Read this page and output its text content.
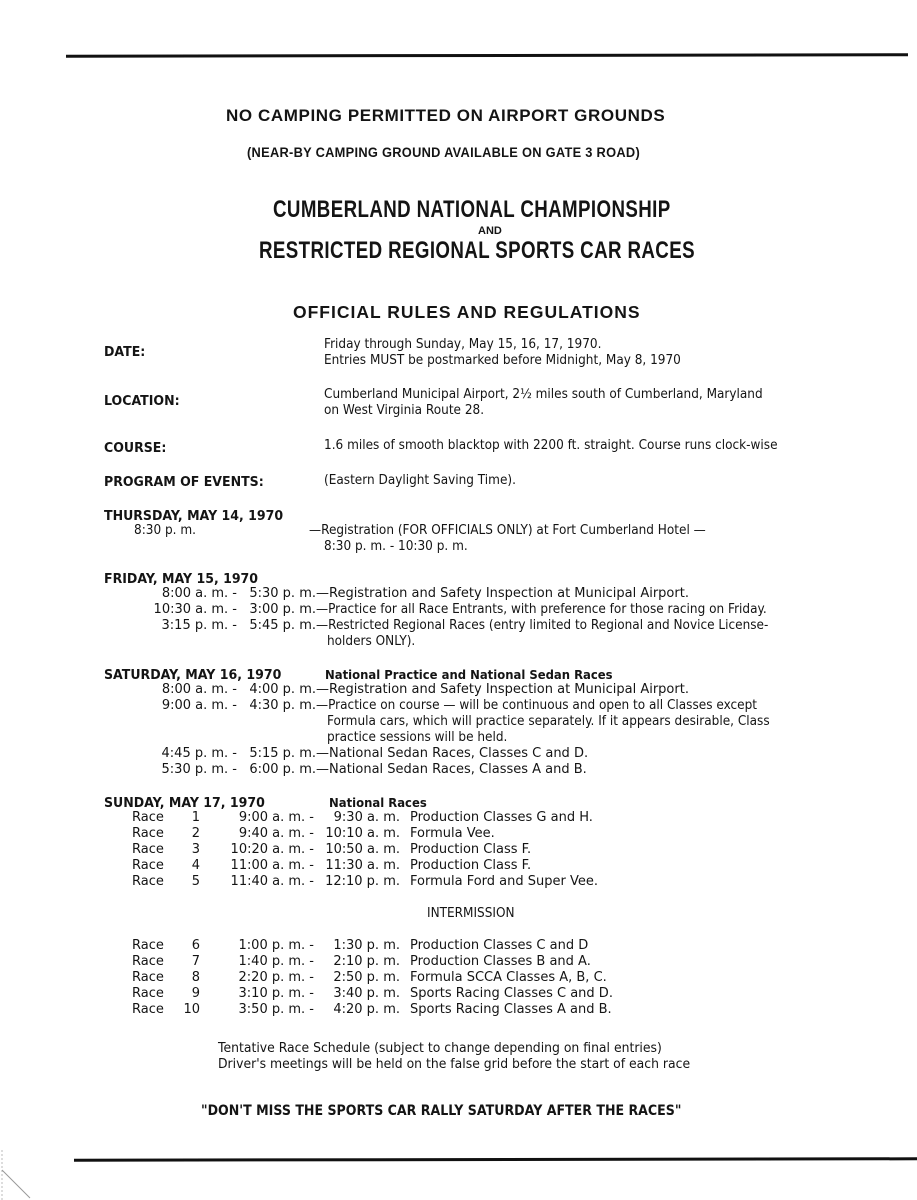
NO CAMPING PERMITTED ON AIRPORT GROUNDS
(NEAR-BY CAMPING GROUND AVAILABLE ON GATE 3 ROAD)
CUMBERLAND NATIONAL CHAMPIONSHIP
AND
RESTRICTED REGIONAL SPORTS CAR RACES
OFFICIAL RULES AND REGULATIONS
DATE:	Friday through Sunday, May 15, 16, 17, 1970.
Entries MUST be postmarked before Midnight, May 8, 1970
LOCATION:	Cumberland Municipal Airport, 2½ miles south of Cumberland, Maryland
on West Virginia Route 28.
COURSE:	1.6 miles of smooth blacktop with 2200 ft. straight. Course runs clock-wise
PROGRAM OF EVENTS:	(Eastern Daylight Saving Time).
THURSDAY, MAY 14, 1970
8:30 p. m.	—Registration (FOR OFFICIALS ONLY) at Fort Cumberland Hotel —
8:30 p. m. - 10:30 p. m.
FRIDAY, MAY 15, 1970
8:00 a. m. - 5:30 p. m. —Registration and Safety Inspection at Municipal Airport.
10:30 a. m. - 3:00 p. m. —Practice for all Race Entrants, with preference for those racing on Friday.
3:15 p. m. - 5:45 p. m. —Restricted Regional Races (entry limited to Regional and Novice License-
holders ONLY).
SATURDAY, MAY 16, 1970	National Practice and National Sedan Races
8:00 a. m. - 4:00 p. m. —Registration and Safety Inspection at Municipal Airport.
9:00 a. m. - 4:30 p. m. —Practice on course — will be continuous and open to all Classes except
Formula cars, which will practice separately. If it appears desirable, Class
practice sessions will be held.
4:45 p. m. - 5:15 p. m. —National Sedan Races, Classes C and D.
5:30 p. m. - 6:00 p. m. —National Sedan Races, Classes A and B.
SUNDAY, MAY 17, 1970	National Races
Race	1	9:00 a. m. -	9:30 a. m. Production Classes G and H.
Race	2	9:40 a. m. - 10:10 a. m. Formula Vee.
Race	3	10:20 a. m. - 10:50 a. m. Production Class F.
Race	4	11:00 a. m. - 11:30 a. m. Production Class F.
Race	5	11:40 a. m. - 12:10 p. m. Formula Ford and Super Vee.
INTERMISSION
Race	6	1:00 p. m. -	1:30 p. m. Production Classes C and D
Race	7	1:40 p. m. -	2:10 p. m. Production Classes B and A.
Race	8	2:20 p. m. -	2:50 p. m. Formula SCCA Classes A, B, C.
Race	9	3:10 p. m. -	3:40 p. m. Sports Racing Classes C and D.
Race 10	3:50 p. m. -	4:20 p. m. Sports Racing Classes A and B.
Tentative Race Schedule (subject to change depending on final entries)
Driver's meetings will be held on the false grid before the start of each race
"DON'T MISS THE SPORTS CAR RALLY SATURDAY AFTER THE RACES"
